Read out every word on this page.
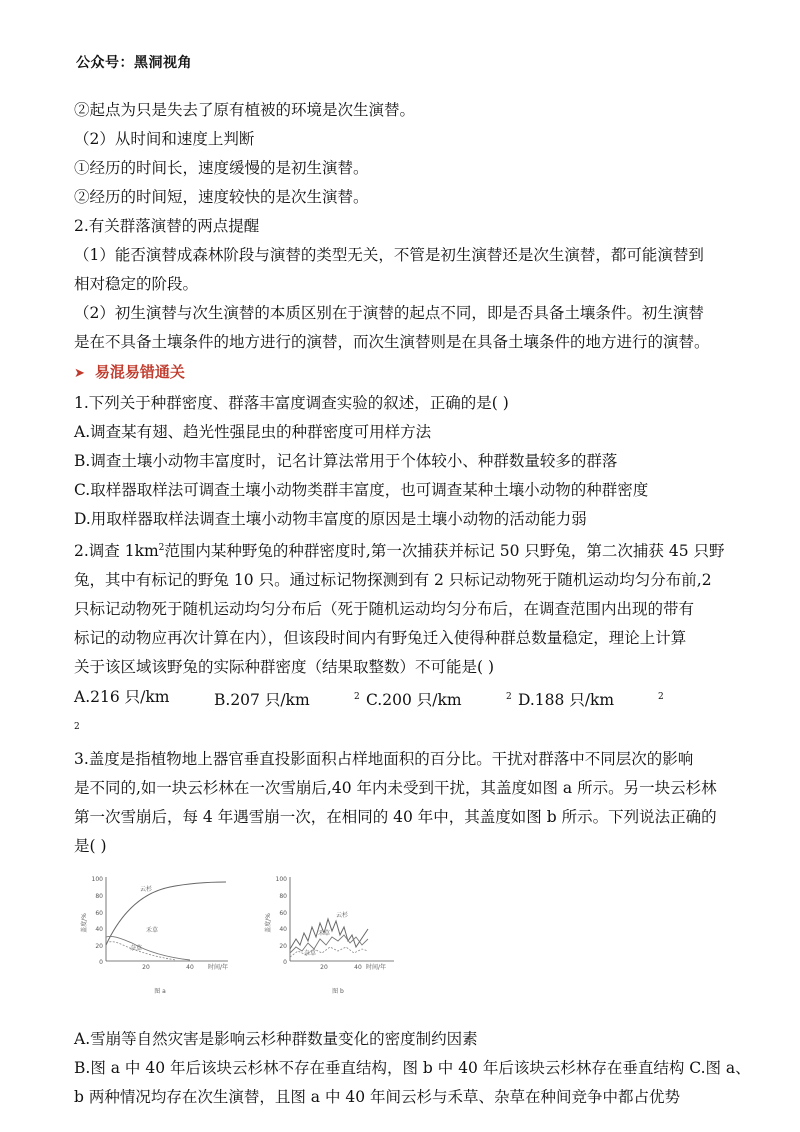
公众号：黑洞视角
②起点为只是失去了原有植被的环境是次生演替。
（2）从时间和速度上判断
①经历的时间长，速度缓慢的是初生演替。
②经历的时间短，速度较快的是次生演替。
2.有关群落演替的两点提醒
（1）能否演替成森林阶段与演替的类型无关，不管是初生演替还是次生演替，都可能演替到
相对稳定的阶段。
（2）初生演替与次生演替的本质区别在于演替的起点不同，即是否具备土壤条件。初生演替
是在不具备土壤条件的地方进行的演替，而次生演替则是在具备土壤条件的地方进行的演替。
➤ 易混易错通关
1.下列关于种群密度、群落丰富度调查实验的叙述，正确的是( )
A.调查某有翅、趋光性强昆虫的种群密度可用样方法
B.调查土壤小动物丰富度时，记名计算法常用于个体较小、种群数量较多的群落
C.取样器取样法可调查土壤小动物类群丰富度，也可调查某种土壤小动物的种群密度
D.用取样器取样法调查土壤小动物丰富度的原因是土壤小动物的活动能力弱
2.调查 $1km^2$范围内某种野兔的种群密度时,第一次捕获并标记 50 只野兔，第二次捕获 45 只野
兔，其中有标记的野兔 10 只。通过标记物探测到有 2 只标记动物死于随机运动均匀分布前,2
只标记动物死于随机运动均匀分布后（死于随机运动均匀分布后，在调查范围内出现的带有
标记的动物应再次计算在内），但该段时间内有野兔迁入使得种群总数量稳定，理论上计算
关于该区域该野兔的实际种群密度（结果取整数）不可能是( )
A.216 只$/km^2$
B.207 只/km	$^2$ C.200 只/km	$^2$ D.188 只/km	$^2$
3.盖度是指植物地上器官垂直投影面积占样地面积的百分比。干扰对群落中不同层次的影响
是不同的,如一块云杉林在一次雪崩后,40 年内未受到干扰，其盖度如图 a 所示。另一块云杉林
第一次雪崩后，每 4 年遇雪崩一次，在相同的 40 年中，其盖度如图 b 所示。下列说法正确的
是( )
100
80
60
40
20
0
盖度/%
20	40 时间/年
云杉
禾草
杂草
图 a
100
80
60
40
20
0
盖度/%
20	40 时间/年
云杉
禾草
杂草
图 b
A.雪崩等自然灾害是影响云杉种群数量变化的密度制约因素
B.图 a 中 40 年后该块云杉林不存在垂直结构，图 b 中 40 年后该块云杉林存在垂直结构 C.图 a、
b 两种情况均存在次生演替，且图 a 中 40 年间云杉与禾草、杂草在种间竞争中都占优势
